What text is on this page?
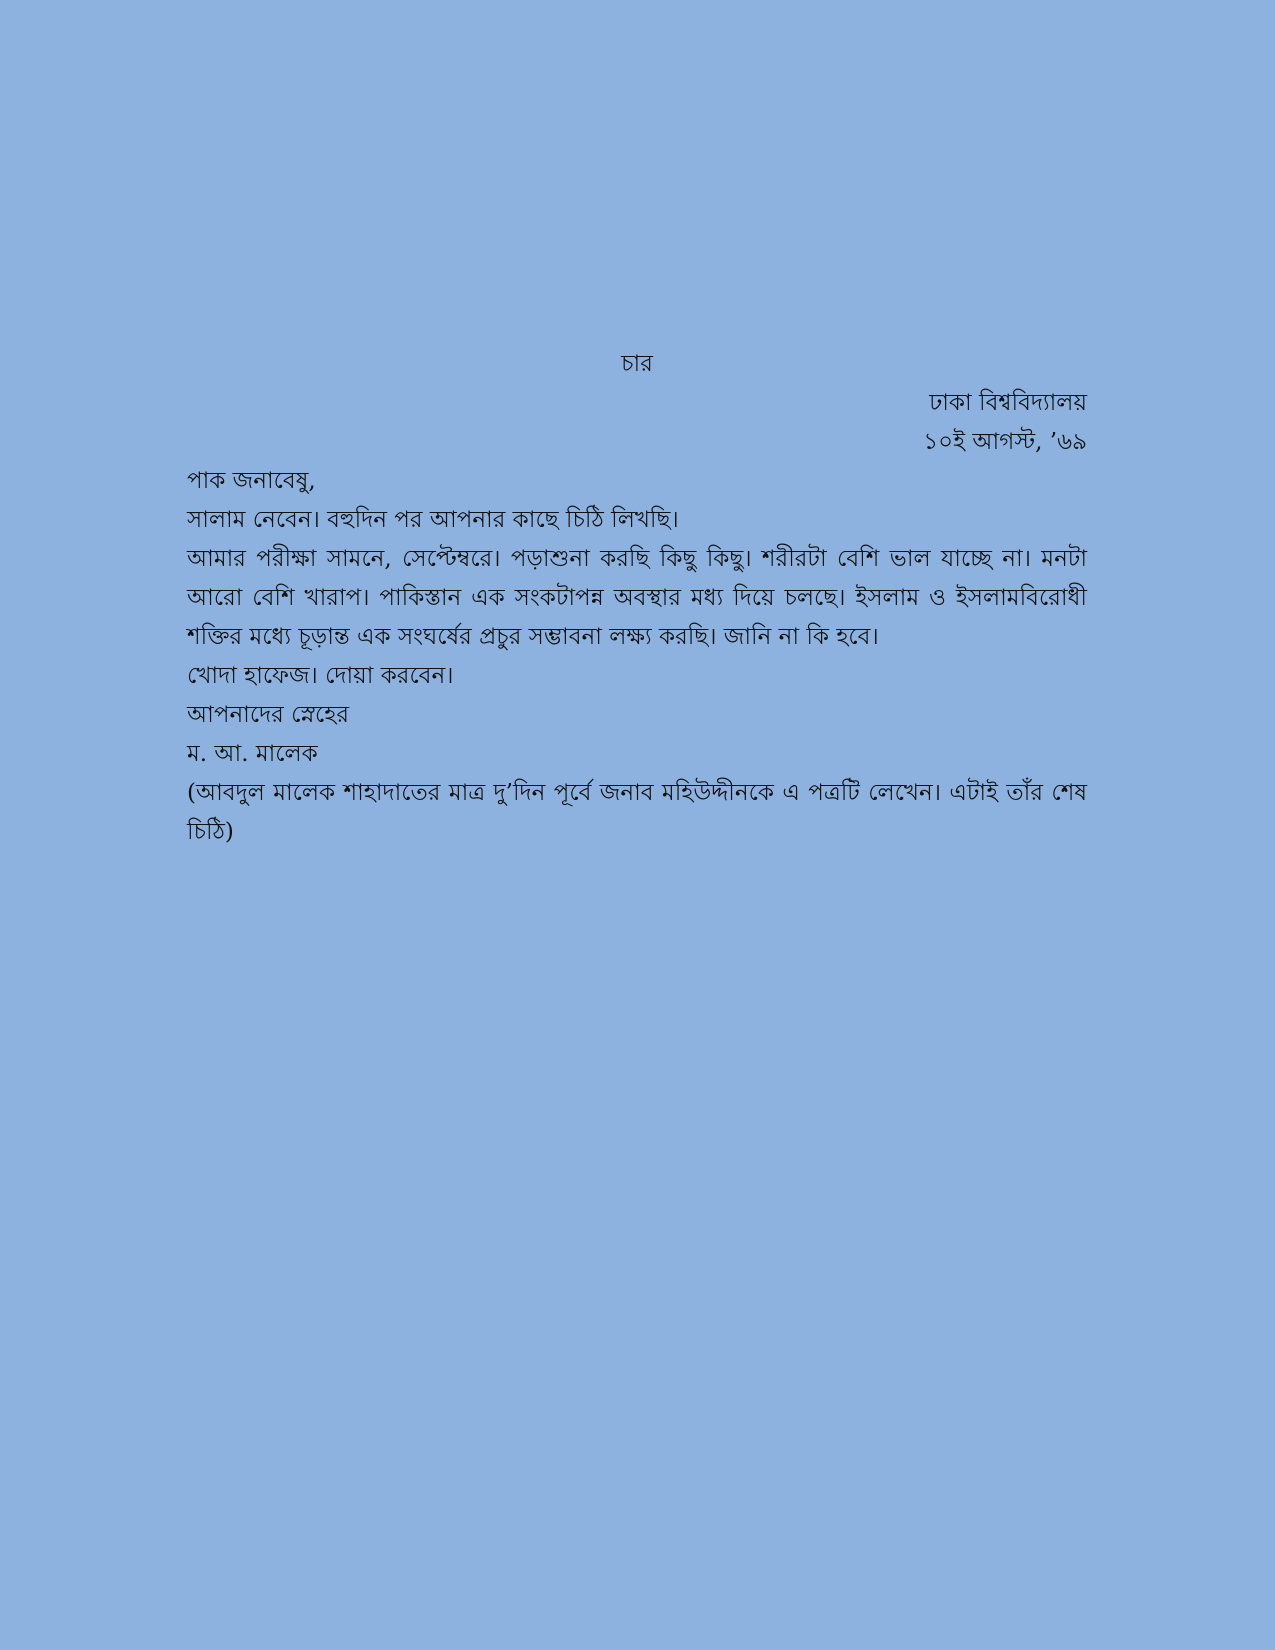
চার
ঢাকা বিশ্ববিদ্যালয়
১০ই আগস্ট, ’৬৯
পাক জনাবেষু,
সালাম নেবেন। বহুদিন পর আপনার কাছে চিঠি লিখছি।
আমার পরীক্ষা সামনে, সেপ্টেম্বরে। পড়াশুনা করছি কিছু কিছু। শরীরটা বেশি ভাল যাচ্ছে না। মনটা আরো বেশি খারাপ। পাকিস্তান এক সংকটাপন্ন অবস্থার মধ্য দিয়ে চলছে। ইসলাম ও ইসলামবিরোধী শক্তির মধ্যে চূড়ান্ত এক সংঘর্ষের প্রচুর সম্ভাবনা লক্ষ্য করছি। জানি না কি হবে।
খোদা হাফেজ। দোয়া করবেন।
আপনাদের স্নেহের
ম. আ. মালেক
(আবদুল মালেক শাহাদাতের মাত্র দু’দিন পূর্বে জনাব মহিউদ্দীনকে এ পত্রটি লেখেন। এটাই তাঁর শেষ চিঠি)
